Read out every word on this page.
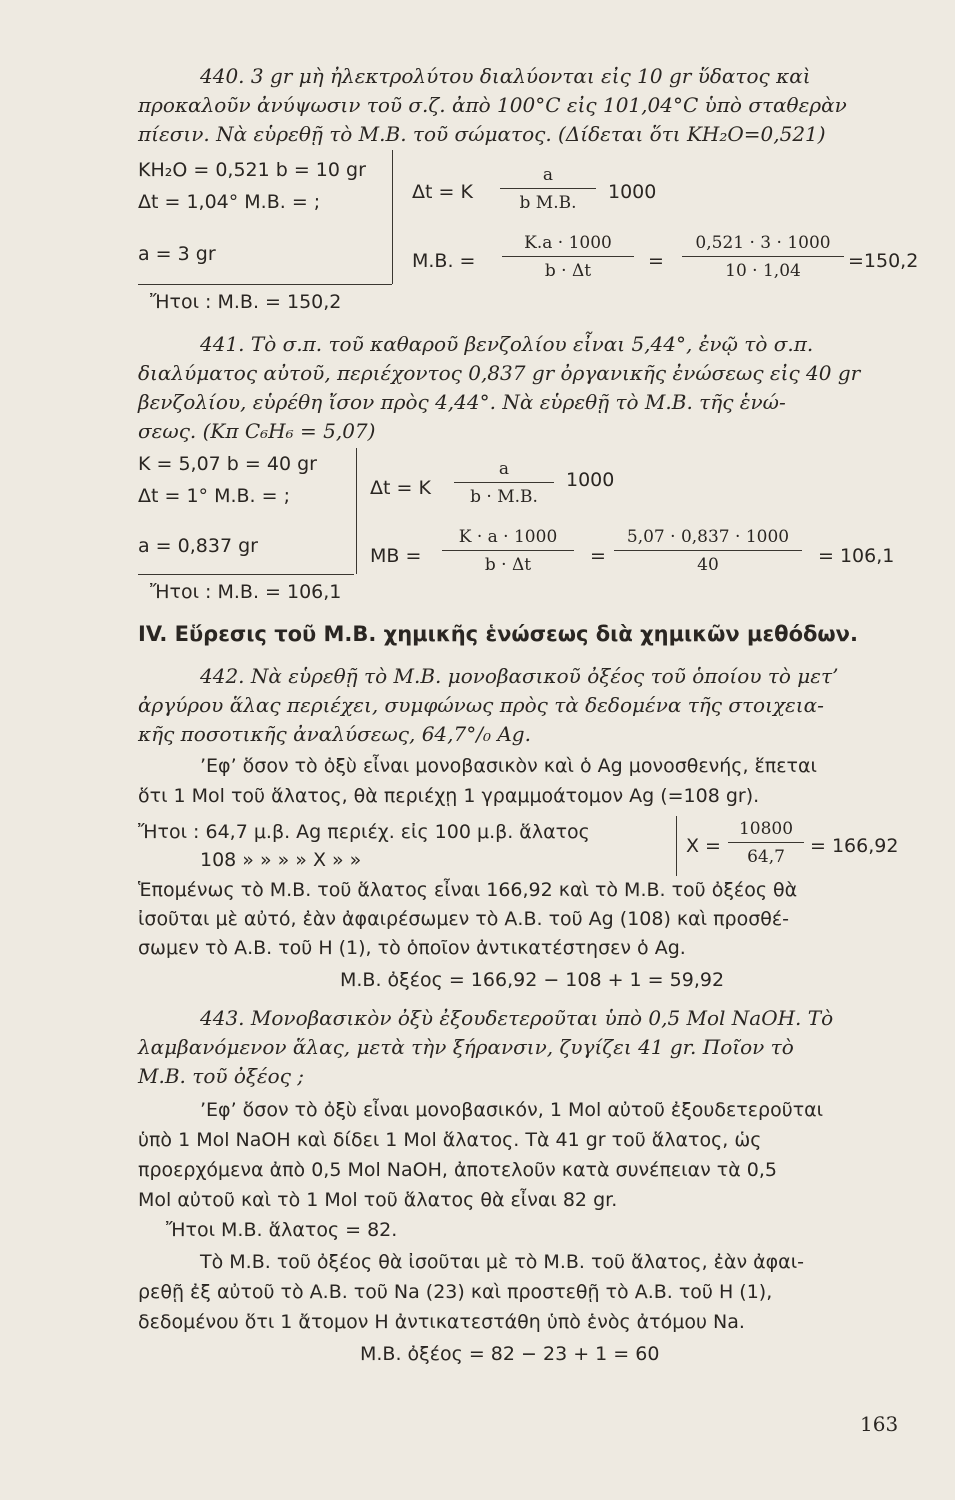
440. 3 gr μὴ ἠλεκτρολύτου διαλύονται εἰς 10 gr ὕδατος καὶ
προκαλοῦν ἀνύψωσιν τοῦ σ.ζ. ἀπὸ 100°C εἰς 101,04°C ὑπὸ σταθερὰν
πίεσιν. Νὰ εὑρεθῇ τὸ Μ.Β. τοῦ σώματος. (Δίδεται ὅτι ΚΗ₂Ο=0,521)
ΚΗ₂Ο = 0,521 b = 10 gr
Δt = 1,04° Μ.Β. = ;
a = 3 gr
Ἤτοι : Μ.Β. = 150,2
Δt = K
a
b M.B.	1000
M.B. =
K.a · 1000
b · Δt	=
0,521 · 3 · 1000
10 · 1,04	=150,2
441. Τὸ σ.π. τοῦ καθαροῦ βενζολίου εἶναι 5,44°, ἐνῷ τὸ σ.π.
διαλύματος αὐτοῦ, περιέχοντος 0,837 gr ὀργανικῆς ἐνώσεως εἰς 40 gr
βενζολίου, εὑρέθη ἴσον πρὸς 4,44°. Νὰ εὑρεθῇ τὸ Μ.Β. τῆς ἑνώ-
σεως. (Κπ C₆H₆ = 5,07)
K = 5,07 b = 40 gr
Δt = 1° Μ.Β. = ;
a = 0,837 gr
Ἤτοι : Μ.Β. = 106,1
Δt = K
a
b · M.B.
1000
MB =
K · a · 1000
b · Δt	=
5,07 · 0,837 · 1000
40	= 106,1
IV. Εὕρεσις τοῦ Μ.Β. χημικῆς ἑνώσεως διὰ χημικῶν μεθόδων.
442. Νὰ εὑρεθῇ τὸ Μ.Β. μονοβασικοῦ ὀξέος τοῦ ὁποίου τὸ μετ’
ἀργύρου ἅλας περιέχει, συμφώνως πρὸς τὰ δεδομένα τῆς στοιχεια-
κῆς ποσοτικῆς ἀναλύσεως, 64,7°/₀ Ag.
’Εφ’ ὅσον τὸ ὀξὺ εἶναι μονοβασικὸν καὶ ὁ Ag μονοσθενής, ἕπεται
ὅτι 1 Mol τοῦ ἅλατος, θὰ περιέχῃ 1 γραμμοάτομον Ag (=108 gr).
Ἤτοι : 64,7 μ.β. Ag περιέχ. εἰς 100 μ.β. ἅλατος
108 » » » » X » »
X =
10800
64,7	= 166,92
Ἑπομένως τὸ Μ.Β. τοῦ ἅλατος εἶναι 166,92 καὶ τὸ Μ.Β. τοῦ ὀξέος θὰ
ἰσοῦται μὲ αὐτό, ἐὰν ἀφαιρέσωμεν τὸ Α.Β. τοῦ Ag (108) καὶ προσθέ-
σωμεν τὸ Α.Β. τοῦ Η (1), τὸ ὁποῖον ἀντικατέστησεν ὁ Ag.
Μ.Β. ὀξέος = 166,92 − 108 + 1 = 59,92
443. Μονοβασικὸν ὀξὺ ἐξουδετεροῦται ὑπὸ 0,5 Mol NaOH. Τὸ
λαμβανόμενον ἅλας, μετὰ τὴν ξήρανσιν, ζυγίζει 41 gr. Ποῖον τὸ
Μ.Β. τοῦ ὀξέος ;
’Εφ’ ὅσον τὸ ὀξὺ εἶναι μονοβασικόν, 1 Mol αὐτοῦ ἐξουδετεροῦται
ὑπὸ 1 Mol NaOH καὶ δίδει 1 Mol ἅλατος. Τὰ 41 gr τοῦ ἅλατος, ὡς
προερχόμενα ἀπὸ 0,5 Mol NaOH, ἀποτελοῦν κατὰ συνέπειαν τὰ 0,5
Mol αὐτοῦ καὶ τὸ 1 Mol τοῦ ἅλατος θὰ εἶναι 82 gr.
Ἤτοι Μ.Β. ἅλατος = 82.
Τὸ Μ.Β. τοῦ ὀξέος θὰ ἰσοῦται μὲ τὸ Μ.Β. τοῦ ἅλατος, ἐὰν ἀφαι-
ρεθῇ ἐξ αὐτοῦ τὸ Α.Β. τοῦ Na (23) καὶ προστεθῇ τὸ Α.Β. τοῦ Η (1),
δεδομένου ὅτι 1 ἄτομον Η ἀντικατεστάθη ὑπὸ ἑνὸς ἀτόμου Na.
Μ.Β. ὀξέος = 82 − 23 + 1 = 60
163
